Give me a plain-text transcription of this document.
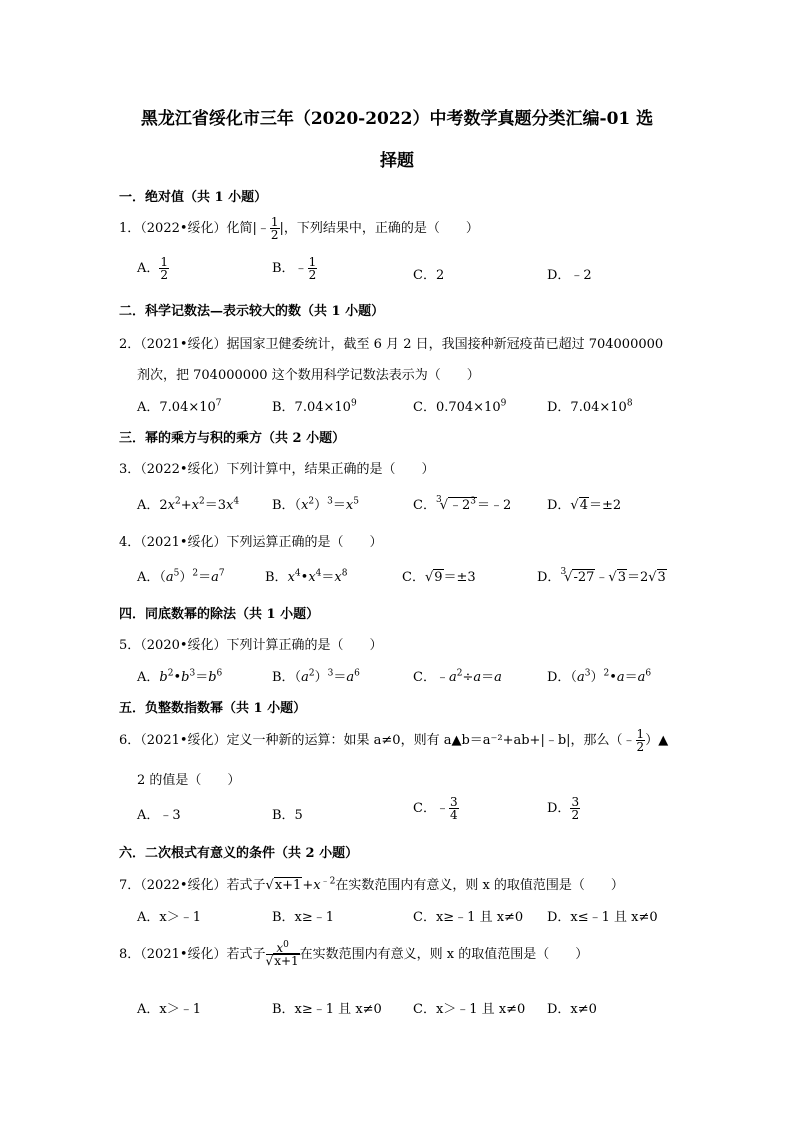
黑龙江省绥化市三年（2020-2022）中考数学真题分类汇编-01 选
择题
一．绝对值（共 1 小题）
1．（2022•绥化）化简|﹣ $\frac{1}{2}$ |，下列结果中，正确的是（　　）
A． $\frac{1}{2}$	B．﹣ $\frac{1}{2}$	C．2	D．﹣2
二．科学记数法—表示较大的数（共 1 小题）
2．（2021•绥化）据国家卫健委统计，截至 6 月 2 日，我国接种新冠疫苗已超过 704000000
剂次，把 704000000 这个数用科学记数法表示为（　　）
A．$7.04\times 10^7$	B．$7.04\times 10^9$	C．$0.704\times 10^9$	D．$7.04\times 10^8$
三．幂的乘方与积的乘方（共 2 小题）
3．（2022•绥化）下列计算中，结果正确的是（　　）
A．$2x^2+x^2=3x^4$	B．$(x^2)^3=x^5$	C．$^3√﹣2^3=﹣2$	D．√4＝±2
4．（2021•绥化）下列运算正确的是（　　）
A．$(a^5)^2=a^7$	B．$x^4•x^4=x^8$	C．√9＝±3	D．$^3$√-27﹣√3＝2√3
四．同底数幂的除法（共 1 小题）
5．（2020•绥化）下列计算正确的是（　　）
A．$b^2•b^3=b^6$	B．$(a^2)^3=a^6$	C．$﹣a^2\div a=a$	D．$(a^3)^2•a=a^6$
五．负整数指数幂（共 1 小题）
6．（2021•绥化）定义一种新的运算：如果 a≠0，则有 a▲b＝a⁻²+ab+|﹣b|，那么（﹣ $\frac{1}{2}$ ）▲
2 的值是（　　）
A．﹣3	B．5	C．﹣ $\frac{3}{4}$	D． $\frac{3}{2}$
六．二次根式有意义的条件（共 2 小题）
7．（2022•绥化）若式子$√x+1+x^{﹣2}$在实数范围内有意义，则 x 的取值范围是（　　）
A．x＞﹣1	B．x≥﹣1	C．x≥﹣1 且 x≠0 D．x≤﹣1 且 x≠0
8．（2021•绥化）若式子 $\frac{x^0}{√x+1}$ 在实数范围内有意义，则 x 的取值范围是（　　）
A．x＞﹣1	B．x≥﹣1 且 x≠0 C．x＞﹣1 且 x≠0 D．x≠0
